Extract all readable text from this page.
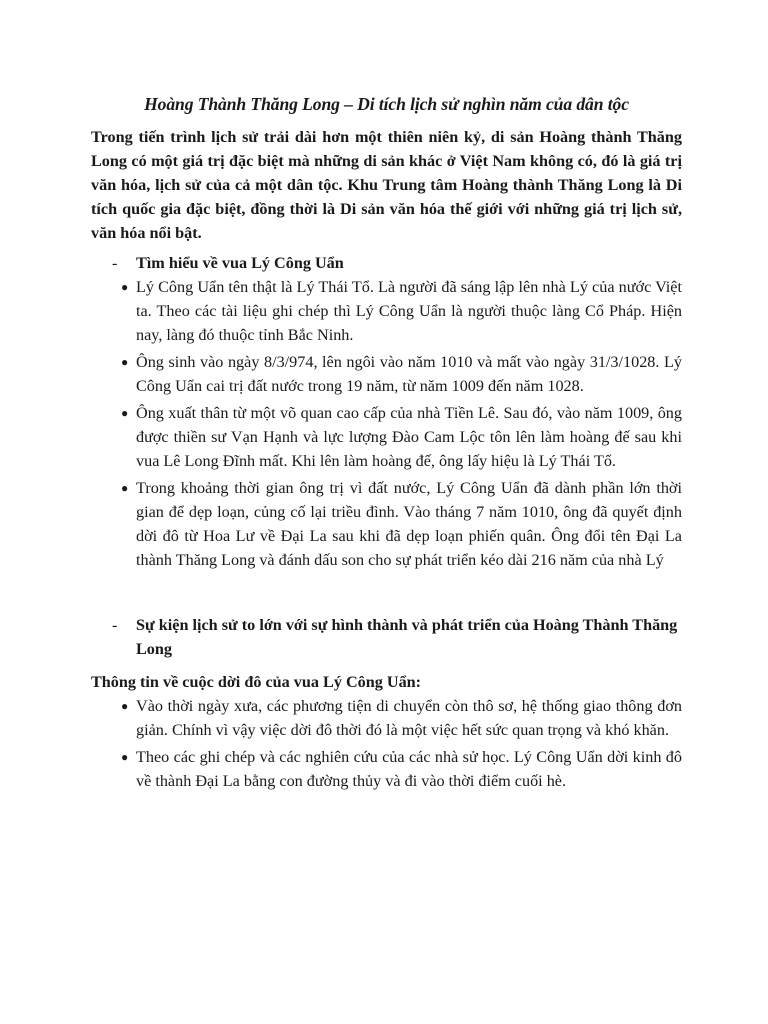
Hoàng Thành Thăng Long – Di tích lịch sử nghìn năm của dân tộc

Trong tiến trình lịch sử trải dài hơn một thiên niên kỷ, di sản Hoàng thành Thăng Long có một giá trị đặc biệt mà những di sản khác ở Việt Nam không có, đó là giá trị văn hóa, lịch sử của cả một dân tộc. Khu Trung tâm Hoàng thành Thăng Long là Di tích quốc gia đặc biệt, đồng thời là Di sản văn hóa thế giới với những giá trị lịch sử, văn hóa nổi bật.

- Tìm hiểu về vua Lý Công Uẩn
● Lý Công Uẩn tên thật là Lý Thái Tổ. Là người đã sáng lập lên nhà Lý của nước Việt ta. Theo các tài liệu ghi chép thì Lý Công Uẩn là người thuộc làng Cổ Pháp. Hiện nay, làng đó thuộc tỉnh Bắc Ninh.
● Ông sinh vào ngày 8/3/974, lên ngôi vào năm 1010 và mất vào ngày 31/3/1028. Lý Công Uẩn cai trị đất nước trong 19 năm, từ năm 1009 đến năm 1028.
● Ông xuất thân từ một võ quan cao cấp của nhà Tiền Lê. Sau đó, vào năm 1009, ông được thiền sư Vạn Hạnh và lực lượng Đào Cam Lộc tôn lên làm hoàng đế sau khi vua Lê Long Đĩnh mất. Khi lên làm hoàng đế, ông lấy hiệu là Lý Thái Tổ.
● Trong khoảng thời gian ông trị vì đất nước, Lý Công Uẩn đã dành phần lớn thời gian để dẹp loạn, củng cố lại triều đình. Vào tháng 7 năm 1010, ông đã quyết định dời đô từ Hoa Lư về Đại La sau khi đã dẹp loạn phiến quân. Ông đổi tên Đại La thành Thăng Long và đánh dấu son cho sự phát triển kéo dài 216 năm của nhà Lý
- Sự kiện lịch sử to lớn với sự hình thành và phát triển của Hoàng Thành Thăng Long

Thông tin về cuộc dời đô của vua Lý Công Uẩn:

● Vào thời ngày xưa, các phương tiện di chuyển còn thô sơ, hệ thống giao thông đơn giản. Chính vì vậy việc dời đô thời đó là một việc hết sức quan trọng và khó khăn.
● Theo các ghi chép và các nghiên cứu của các nhà sử học. Lý Công Uẩn dời kinh đô về thành Đại La bằng con đường thủy và đi vào thời điểm cuối hè.
